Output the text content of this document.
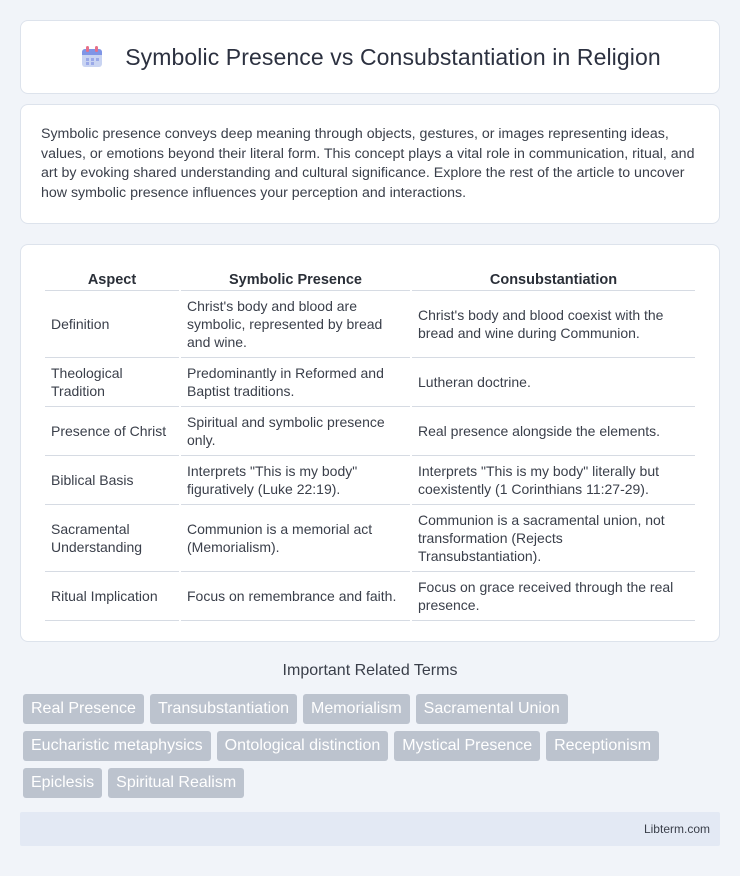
Symbolic Presence vs Consubstantiation in Religion

Symbolic presence conveys deep meaning through objects, gestures, or images representing ideas, values, or emotions beyond their literal form. This concept plays a vital role in communication, ritual, and art by evoking shared understanding and cultural significance. Explore the rest of the article to uncover how symbolic presence influences your perception and interactions.

Aspect	Symbolic Presence	Consubstantiation
Definition	Christ's body and blood are symbolic, represented by bread and wine.	Christ's body and blood coexist with the bread and wine during Communion.
Theological Tradition	Predominantly in Reformed and Baptist traditions.	Lutheran doctrine.
Presence of Christ	Spiritual and symbolic presence only.	Real presence alongside the elements.
Biblical Basis	Interprets "This is my body" figuratively (Luke 22:19).	Interprets "This is my body" literally but coexistently (1 Corinthians 11:27-29).
Sacramental Understanding	Communion is a memorial act (Memorialism).	Communion is a sacramental union, not transformation (Rejects Transubstantiation).
Ritual Implication	Focus on remembrance and faith.	Focus on grace received through the real presence.
Important Related Terms
Real Presence	Transubstantiation	Memorialism	Sacramental Union
Eucharistic metaphysics	Ontological distinction	Mystical Presence	Receptionism
Epiclesis	Spiritual Realism
Libterm.com
